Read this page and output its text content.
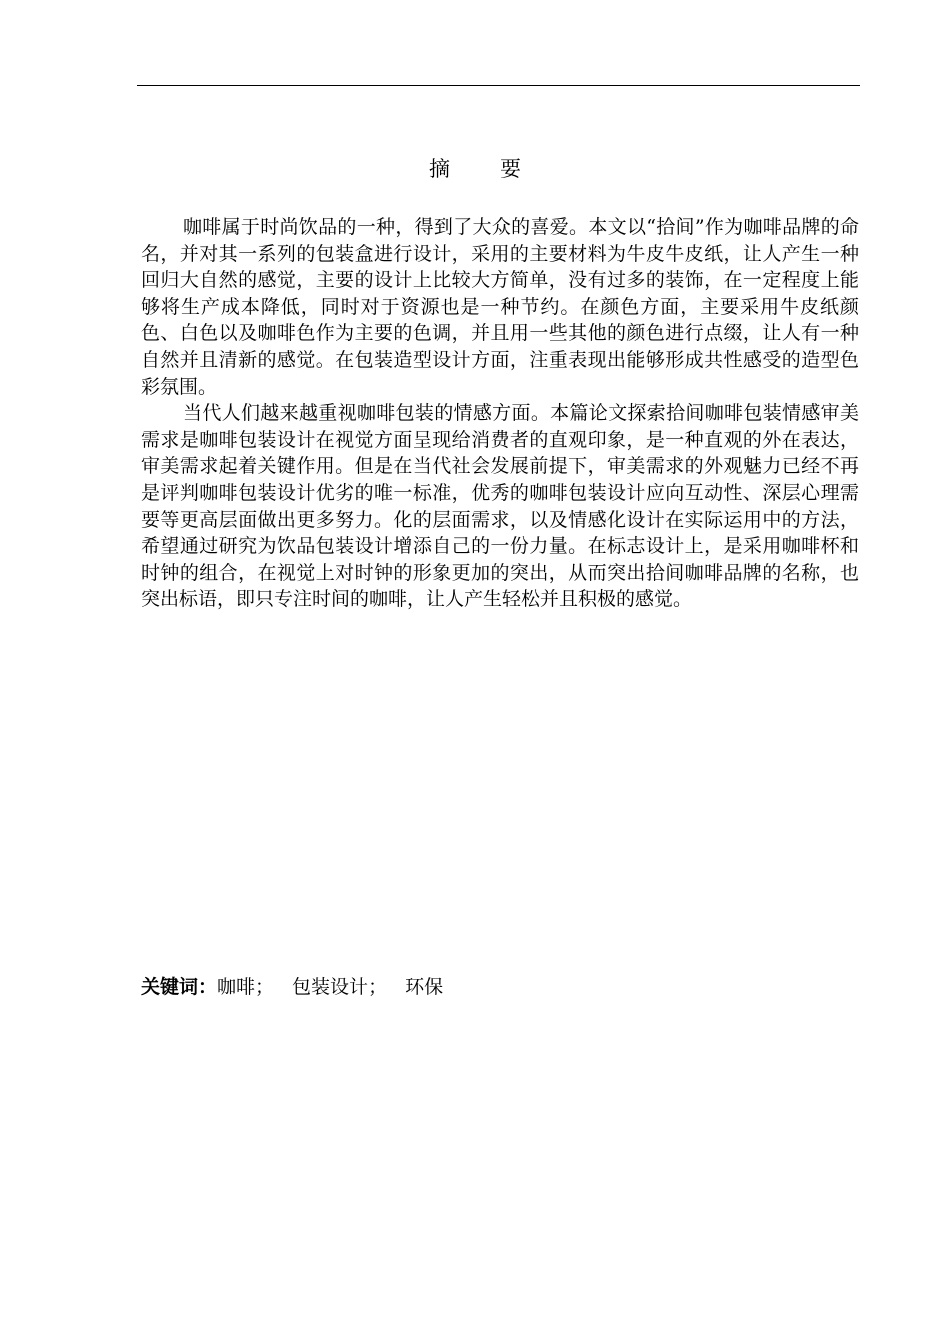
摘 要

咖啡属于时尚饮品的一种，得到了大众的喜爱。本文以“拾间”作为咖啡品牌的命名，并对其一系列的包装盒进行设计，采用的主要材料为牛皮牛皮纸，让人产生一种回归大自然的感觉，主要的设计上比较大方简单，没有过多的装饰，在一定程度上能够将生产成本降低，同时对于资源也是一种节约。在颜色方面，主要采用牛皮纸颜色、白色以及咖啡色作为主要的色调，并且用一些其他的颜色进行点缀，让人有一种自然并且清新的感觉。在包装造型设计方面，注重表现出能够形成共性感受的造型色彩氛围。

当代人们越来越重视咖啡包装的情感方面。本篇论文探索拾间咖啡包装情感审美需求是咖啡包装设计在视觉方面呈现给消费者的直观印象，是一种直观的外在表达，审美需求起着关键作用。但是在当代社会发展前提下，审美需求的外观魅力已经不再是评判咖啡包装设计优劣的唯一标准，优秀的咖啡包装设计应向互动性、深层心理需要等更高层面做出更多努力。化的层面需求，以及情感化设计在实际运用中的方法，希望通过研究为饮品包装设计增添自己的一份力量。在标志设计上，是采用咖啡杯和时钟的组合，在视觉上对时钟的形象更加的突出，从而突出拾间咖啡品牌的名称，也突出标语，即只专注时间的咖啡，让人产生轻松并且积极的感觉。

关键词：咖啡； 包装设计； 环保
